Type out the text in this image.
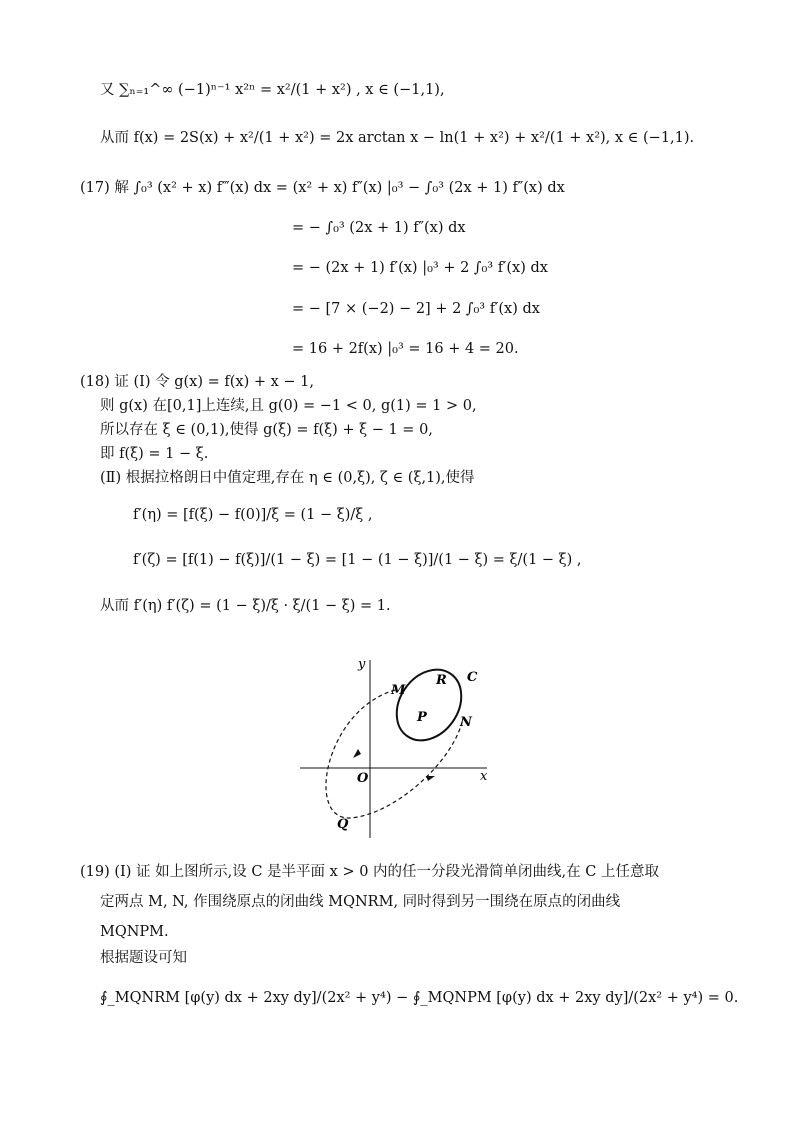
又 ∑ₙ₌₁^∞ (−1)ⁿ⁻¹ x²ⁿ = x²/(1 + x²) , x ∈ (−1,1),
从而 f(x) = 2S(x) + x²/(1 + x²) = 2x arctan x − ln(1 + x²) + x²/(1 + x²), x ∈ (−1,1).
(17) 解 ∫₀³ (x² + x) f‴(x) dx = (x² + x) f″(x) |₀³ − ∫₀³ (2x + 1) f″(x) dx
= − ∫₀³ (2x + 1) f″(x) dx
= − (2x + 1) f′(x) |₀³ + 2 ∫₀³ f′(x) dx
= − [7 × (−2) − 2] + 2 ∫₀³ f′(x) dx
= 16 + 2f(x) |₀³ = 16 + 4 = 20.
(18) 证 (Ⅰ) 令 g(x) = f(x) + x − 1,
则 g(x) 在[0,1]上连续,且 g(0) = −1 < 0, g(1) = 1 > 0,
所以存在 ξ ∈ (0,1),使得 g(ξ) = f(ξ) + ξ − 1 = 0,
即 f(ξ) = 1 − ξ.
(Ⅱ) 根据拉格朗日中值定理,存在 η ∈ (0,ξ), ζ ∈ (ξ,1),使得
f′(η) = [f(ξ) − f(0)]/ξ = (1 − ξ)/ξ ,
f′(ζ) = [f(1) − f(ξ)]/(1 − ξ) = [1 − (1 − ξ)]/(1 − ξ) = ξ/(1 − ξ) ,
从而 f′(η) f′(ζ) = (1 − ξ)/ξ · ξ/(1 − ξ) = 1.
y
x
O
M
R C
P	N
Q
(19) (Ⅰ) 证 如上图所示,设 C 是半平面 x > 0 内的任一分段光滑简单闭曲线,在 C 上任意取
定两点 M, N, 作围绕原点的闭曲线 MQNRM, 同时得到另一围绕在原点的闭曲线
MQNPM.
根据题设可知
∮_MQNRM [φ(y) dx + 2xy dy]/(2x² + y⁴) − ∮_MQNPM [φ(y) dx + 2xy dy]/(2x² + y⁴) = 0.
